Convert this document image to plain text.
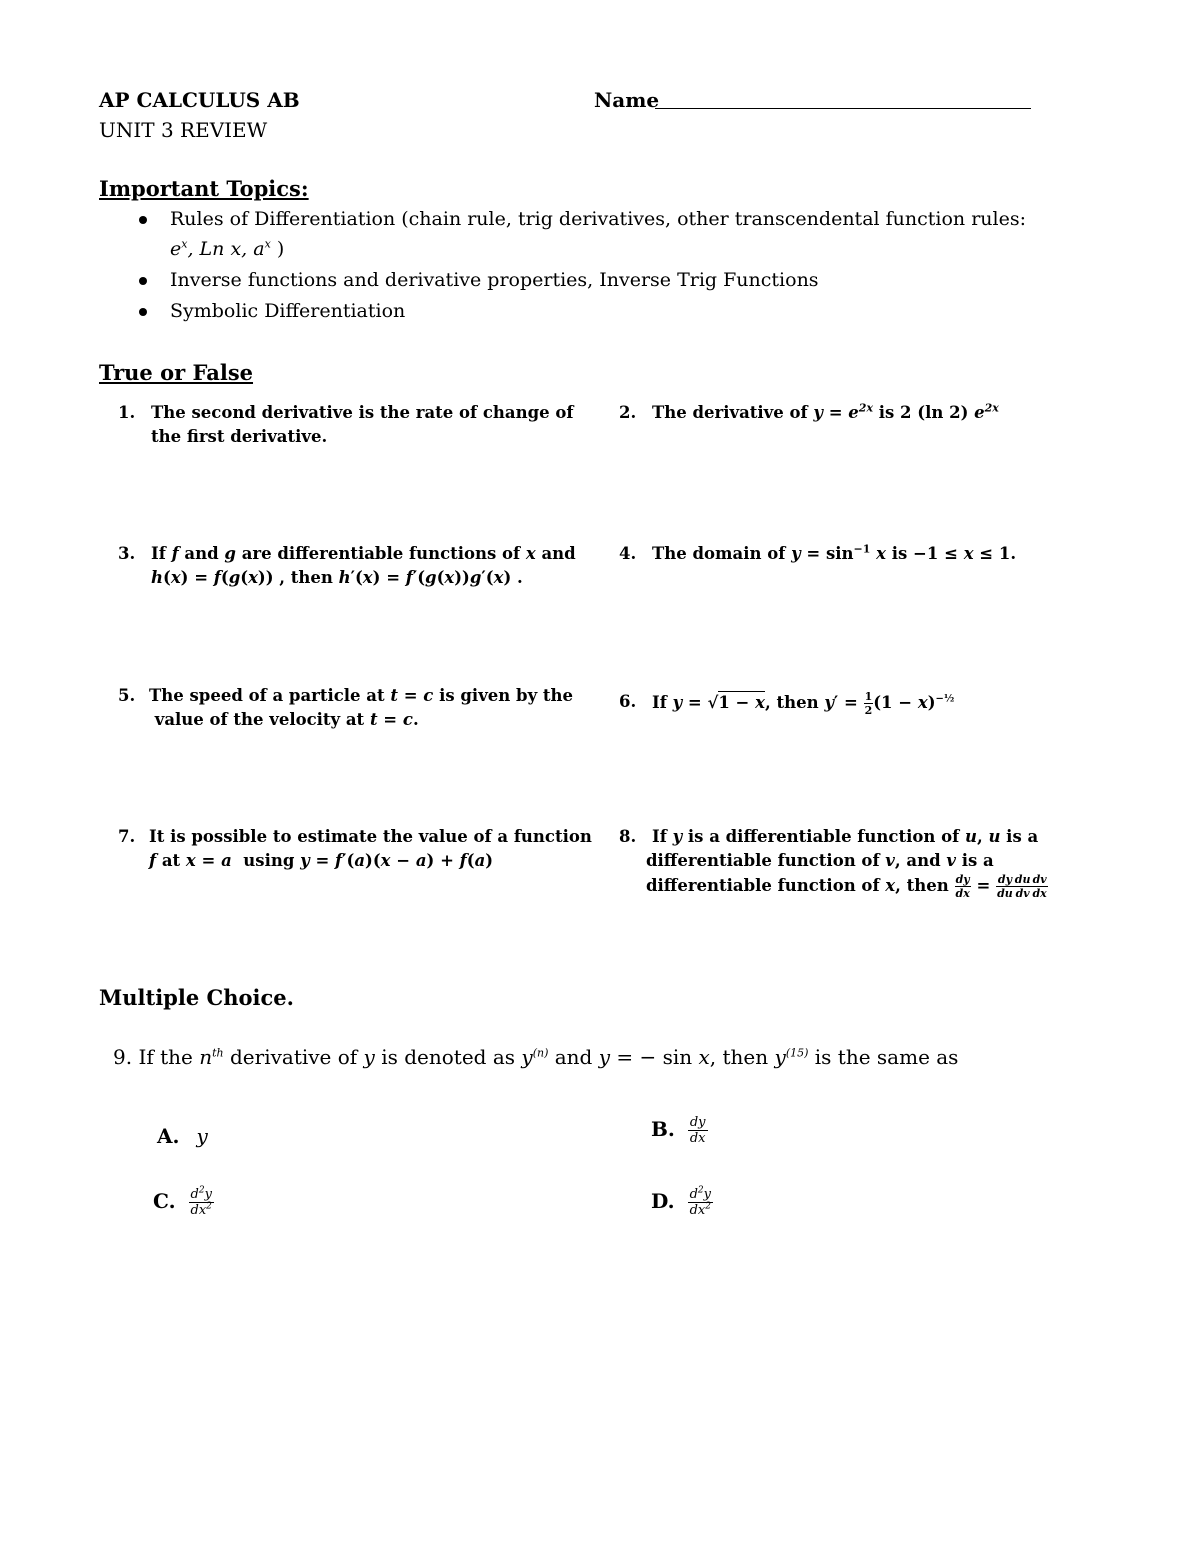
AP CALCULUS AB
UNIT 3 REVIEW
Name
Important Topics:
Rules of Differentiation (chain rule, trig derivatives, other transcendental function rules:
$e^x$, Ln x, $a^x$ )
Inverse functions and derivative properties, Inverse Trig Functions
Symbolic Differentiation
True or False
1. The second derivative is the rate of change of
the first derivative.
2. The derivative of $y = e^{2x}$ is 2 (ln 2) $e^{2x}$
3. If f and g are differentiable functions of x and
h(x) = f(g(x)) , then h′(x) = f′(g(x))g′(x) .
4. The domain of $y = \sin^{-1} x$ is −1 ≤ x ≤ 1.
5. The speed of a particle at t = c is given by the
value of the velocity at t = c.
6. If y = √1 − x, then $y' = \frac{1}{2} (1 - x)^{-\frac{1}{2}}$
7. It is possible to estimate the value of a function
f at x = a  using y = f′(a)(x − a) + f(a)
8. If y is a differentiable function of u, u is a
differentiable function of v, and v is a
differentiable function of x, then $\frac{dy}{dx} = \frac{dy}{du} \frac{du}{dv} \frac{dv}{dx}$
Multiple Choice.
9. If the $n^{th}$ derivative of y is denoted as $y^{(n)}$ and y = − sin x, then $y^{(15)}$ is the same as
A. y	B. $\frac{dy}{dx}$
C. $\frac{d^2y}{dx^2}$	D. $\frac{d^2y}{dx^2}$
